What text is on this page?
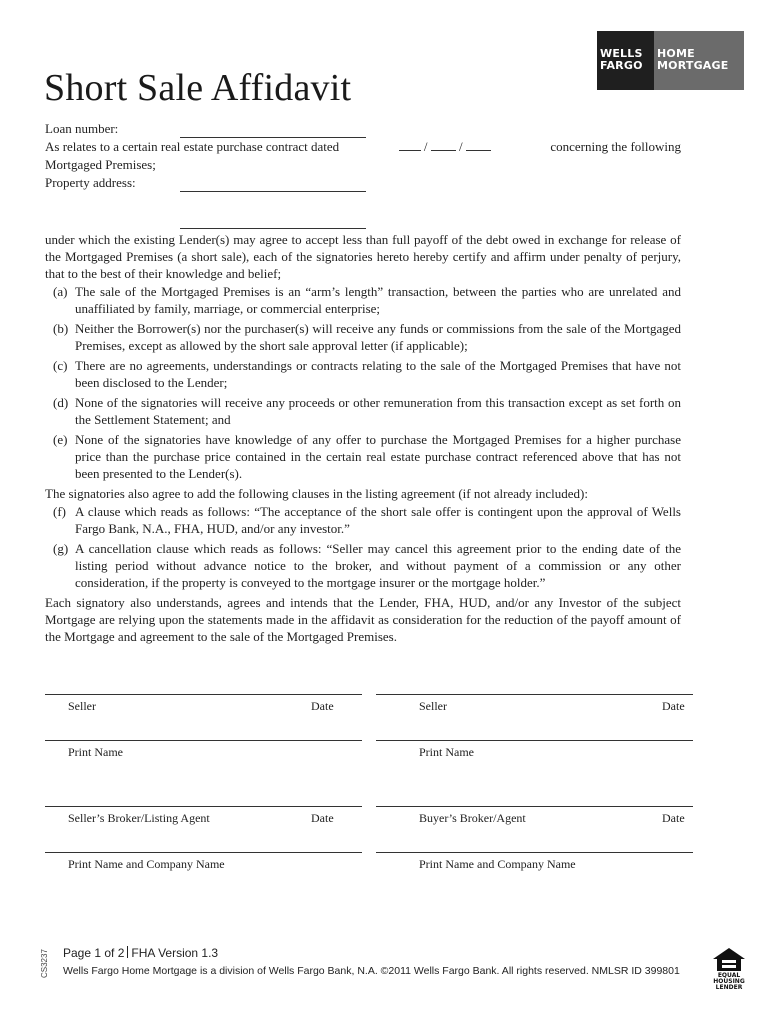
WELLS
FARGO
HOME
MORTGAGE
Short Sale Affidavit
Loan number:
As relates to a certain real estate purchase contract dated	/ /	concerning the following
Mortgaged Premises;
Property address:

under which the existing Lender(s) may agree to accept less than full payoff of the debt owed in exchange for release of the Mortgaged Premises (a short sale), each of the signatories hereto hereby certify and affirm under penalty of perjury, that to the best of their knowledge and belief;

(a) The sale of the Mortgaged Premises is an “arm’s length” transaction, between the parties who are unrelated and unaffiliated by family, marriage, or commercial enterprise;
(b) Neither the Borrower(s) nor the purchaser(s) will receive any funds or commissions from the sale of the Mortgaged Premises, except as allowed by the short sale approval letter (if applicable);
(c) There are no agreements, understandings or contracts relating to the sale of the Mortgaged Premises that have not been disclosed to the Lender;
(d) None of the signatories will receive any proceeds or other remuneration from this transaction except as set forth on the Settlement Statement; and
(e) None of the signatories have knowledge of any offer to purchase the Mortgaged Premises for a higher purchase price than the purchase price contained in the certain real estate purchase contract referenced above that has not been presented to the Lender(s).

The signatories also agree to add the following clauses in the listing agreement (if not already included):

(f) A clause which reads as follows: “The acceptance of the short sale offer is contingent upon the approval of Wells Fargo Bank, N.A., FHA, HUD, and/or any investor.”
(g) A cancellation clause which reads as follows: “Seller may cancel this agreement prior to the ending date of the listing period without advance notice to the broker, and without payment of a commission or any other consideration, if the property is conveyed to the mortgage insurer or the mortgage holder.”

Each signatory also understands, agrees and intends that the Lender, FHA, HUD, and/or any Investor of the subject Mortgage are relying upon the statements made in the affidavit as consideration for the reduction of the payoff amount of the Mortgage and agreement to the sale of the Mortgaged Premises.

Seller	Date	Seller	Date
Print Name	Print Name
Seller’s Broker/Listing Agent	Date	Buyer’s Broker/Agent	Date
Print Name and Company Name	Print Name and Company Name
CS3237 Page 1 of 2 FHA Version 1.3
Wells Fargo Home Mortgage is a division of Wells Fargo Bank, N.A. ©2011 Wells Fargo Bank. All rights reserved. NMLSR ID 399801	EQUAL HOUSING
LENDER
